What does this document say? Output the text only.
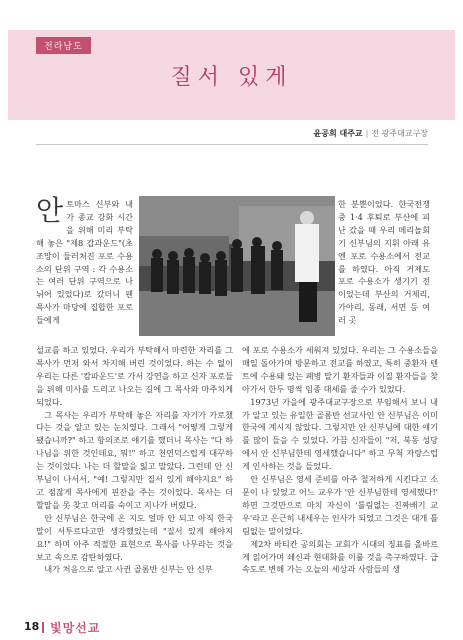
전라남도
질서 있게
윤공희 대주교 | 전 광주대교구장
안토마스 신부와 내가 종교 강화 시간을 위해 미리 부탁해 놓은 "제8 갑과운드"(초조망이 둘러쳐진 포로 수용소의 단위 구역 : 각 수용소는 여러 단위 구역으로 나뉘어 있었다)로 갔더니 웬 목사가 마당에 집합한 포로들에게

설교를 하고 있었다. 우리가 부탁해서 마련한 자리를 그 목사가 먼저 와서 차지해 버린 것이었다. 하는 수 없이 우리는 다른 '캄파운드'로 가서 강연을 하고 신자 포로들을 위해 미사를 드리고 나오는 길에 그 목사와 마주치게 되었다.

그 목사는 우리가 부탁해 놓은 자리를 자기가 가로챘다는 것을 알고 있는 눈치였다. 그래서 "어떻게 그렇게 됐습니까?" 하고 항의조로 얘기를 했더니 목사는 "다 하나님을 위한 것인데요, 뭐!" 하고 천연덕스럽게 대꾸하는 것이었다. 나는 더 할말을 잃고 말았다. 그런데 안 신부님이 나서서, "예! 그렇지만 질서 있게 해야지요" 하고 점잖게 목사에게 핀잔을 주는 것이었다. 목사는 더 할말을 못 찾고 머리를 숙이고 지나가 버렸다.

안 신부님은 한국에 온 지도 얼마 안 되고 아직 한국말이 서투르다고만 생각했었는데 "질서 있게 해야지요!" 하며 아주 적절한 표현으로 목사를 나무라는 것을 보고 속으로 감탄하였다.

내가 처음으로 알고 사귄 골롬반 신부는 안 신부

한 분뿐이었다. 한국전쟁 중 1·4 후퇴로 부산에 피난 갔을 때 우리 메리놀회 기 신부님의 지휘 아래 유엔 포로 수용소에서 전교를 하였다. 아직 거제도 포로 수용소가 생기기 전이었는데 부산의 거제리, 가야리, 동래, 서면 등 여러 곳

에 포로 수용소가 세워져 있었다. 우리는 그 수용소들을 매일 돌아가며 방문하고 전교를 하였고, 특히 중환자 텐트에 수용돼 있는 폐병 말기 환자들과 이질 환자들을 찾아가서 한두 명씩 임종 대세를 줄 수가 있었다.

1973년 가을에 광주대교구장으로 부임해서 보니 내가 알고 있는 유일한 골롬반 선교사인 안 신부님은 이미 한국에 계시지 않았다. 그렇지만 안 신부님에 대한 얘기를 많이 들을 수 있었다. 가끔 신자들이 "저, 북동 성당에서 안 신부님한테 영세했습니다" 하고 무척 자랑스럽게 인사하는 것을 들었다.

안 신부님은 영세 준비를 아주 철저하게 시킨다고 소문이 나 있었고 어느 교우가 '안 신부님한테 영세했다!' 하면 그것만으로 마치 자신이 '틀림없는 진짜배기 교우'라고 은근히 내세우는 인사가 되었고 그것은 대개 틀림없는 말이었다.

제2차 바티칸 공의회는 교회가 시대의 징표를 올바르게 읽어가며 쇄신과 현대화를 이룰 것을 촉구하였다. 급속도로 변해 가는 오늘의 세상과 사람들의 생

18 빛망선교
